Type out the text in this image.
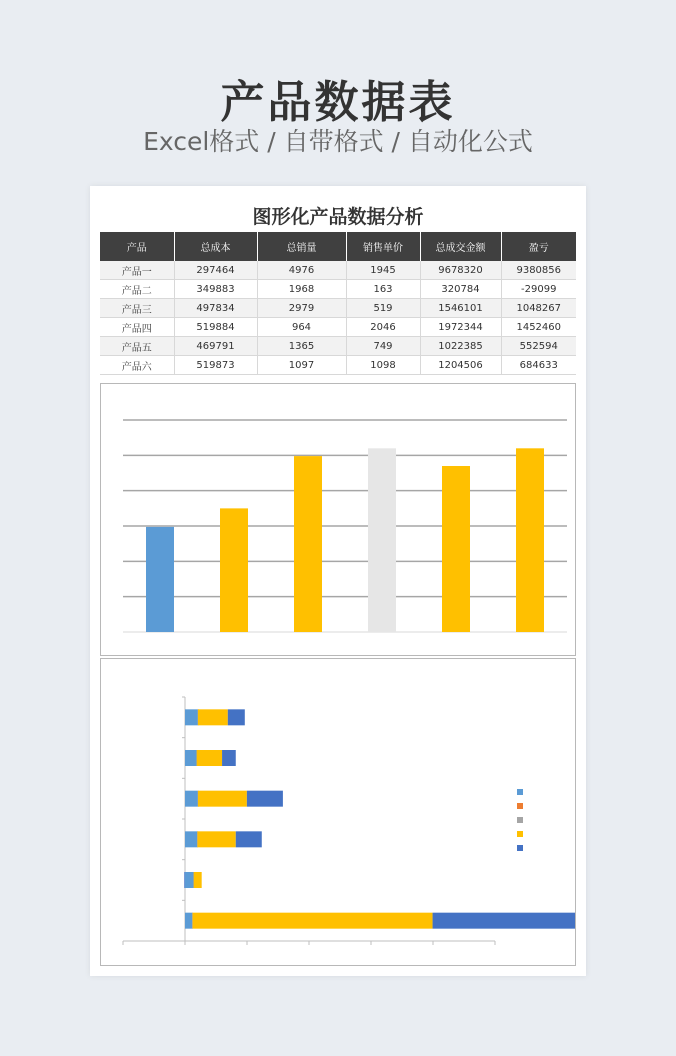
产品数据表
Excel格式 / 自带格式 / 自动化公式
图形化产品数据分析
产品	总成本	总销量	销售单价	总成交金额	盈亏
产品一	297464	4976	1945	9678320	9380856
产品二	349883	1968	163	320784	-29099
产品三	497834	2979	519	1546101	1048267
产品四	519884	964	2046	1972344	1452460
产品五	469791	1365	749	1022385	552594
产品六	519873	1097	1098	1204506	684633
